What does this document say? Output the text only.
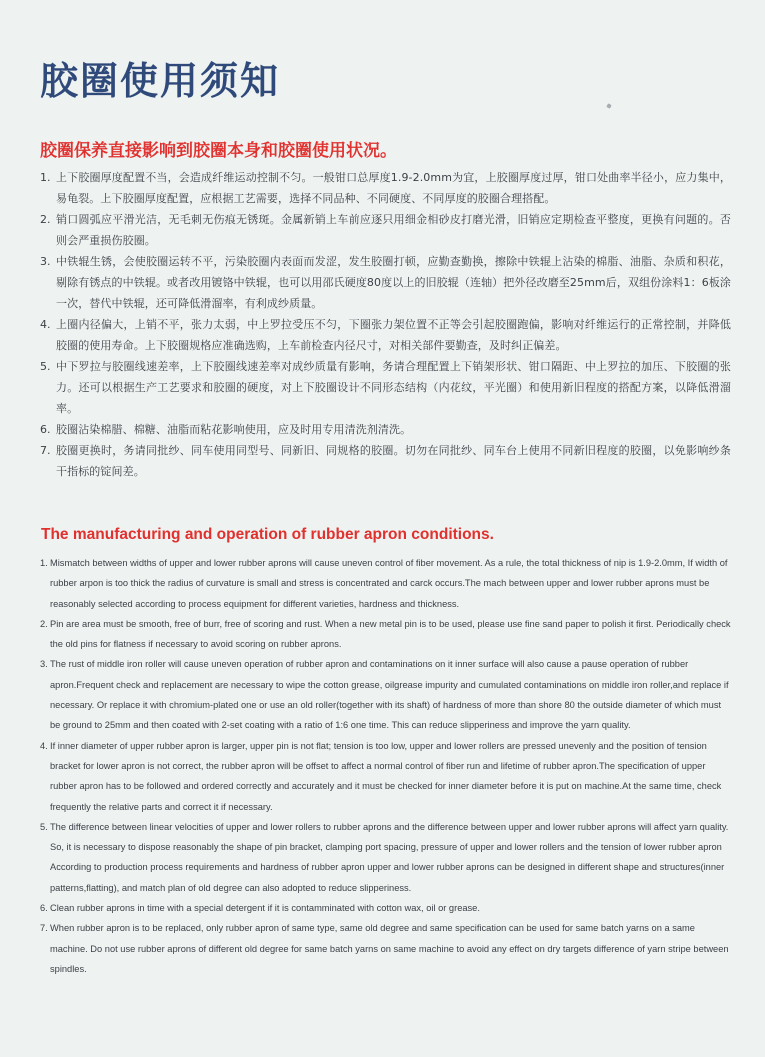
胶圈使用须知
胶圈保养直接影响到胶圈本身和胶圈使用状况。
1. 上下胶圈厚度配置不当，会造成纤维运动控制不匀。一般钳口总厚度1.9-2.0mm为宜，上胶圈厚度过厚，钳口处曲率半径小，应力集中，易龟裂。上下胶圈厚度配置，应根据工艺需要，选择不同品种、不同硬度、不同厚度的胶圈合理搭配。
2. 销口圆弧应平滑光洁，无毛刺无伤痕无锈斑。金属新销上车前应逐只用细金相砂皮打磨光滑，旧销应定期检查平整度，更换有问题的。否则会严重损伤胶圈。
3. 中铁辊生锈，会使胶圈运转不平，污染胶圈内表面而发涩，发生胶圈打顿，应勤查勤换，擦除中铁辊上沾染的棉脂、油脂、杂质和积花，剔除有锈点的中铁辊。或者改用镀铬中铁辊，也可以用邵氏硬度80度以上的旧胶辊（连轴）把外径改磨至25mm后，双组份涂料1：6板涂一次，替代中铁辊，还可降低滑溜率，有利成纱质量。
4. 上圈内径偏大，上销不平，张力太弱，中上罗拉受压不匀，下圈张力架位置不正等会引起胶圈跑偏，影响对纤维运行的正常控制，并降低胶圈的使用寿命。上下胶圈规格应准确选购，上车前检查内径尺寸，对相关部件要勤查，及时纠正偏差。
5. 中下罗拉与胶圈线速差率，上下胶圈线速差率对成纱质量有影响，务请合理配置上下销架形状、钳口隔距、中上罗拉的加压、下胶圈的张力。还可以根据生产工艺要求和胶圈的硬度，对上下胶圈设计不同形态结构（内花纹，平光圈）和使用新旧程度的搭配方案，以降低滑溜率。
6. 胶圈沾染棉腊、棉糖、油脂而粘花影响使用，应及时用专用清洗剂清洗。
7. 胶圈更换时，务请同批纱、同车使用同型号、同新旧、同规格的胶圈。切勿在同批纱、同车台上使用不同新旧程度的胶圈，以免影响纱条干指标的锭间差。
The manufacturing and operation of rubber apron conditions.
1. Mismatch between widths of upper and lower rubber aprons will cause uneven control of fiber movement. As a rule, the total thickness of nip is 1.9-2.0mm, If width of rubber arpon is too thick the radius of curvature is small and stress is concentrated and carck occurs.The mach between upper and lower rubber aprons must be reasonably selected according to process equipment for different varieties, hardness and thickness.
2. Pin are area must be smooth, free of burr, free of scoring and rust. When a new metal pin is to be used, please use fine sand paper to polish it first. Periodically check the old pins for flatness if necessary to avoid scoring on rubber aprons.
3. The rust of middle iron roller will cause uneven operation of rubber apron and contaminations on it inner surface will also cause a pause operation of rubber apron.Frequent check and replacement are necessary to wipe the cotton grease, oilgrease impurity and cumulated contaminations on middle iron roller,and replace if necessary. Or replace it with chromium-plated one or use an old roller(together with its shaft) of hardness of more than shore 80 the outside diameter of which must be ground to 25mm and then coated with 2-set coating with a ratio of 1:6 one time. This can reduce slipperiness and improve the yarn quality.
4. If inner diameter of upper rubber apron is larger, upper pin is not flat; tension is too low, upper and lower rollers are pressed unevenly and the position of tension bracket for lower apron is not correct, the rubber apron will be offset to affect a normal control of fiber run and lifetime of rubber apron.The specification of upper rubber apron has to be followed and ordered correctly and accurately and it must be checked for inner diameter before it is put on machine.At the same time, check frequently the relative parts and correct it if necessary.
5. The difference between linear velocities of upper and lower rollers to rubber aprons and the difference between upper and lower rubber aprons will affect yarn quality. So, it is necessary to dispose reasonably the shape of pin bracket, clamping port spacing, pressure of upper and lower rollers and the tension of lower rubber apron According to production process requirements and hardness of rubber apron upper and lower rubber aprons can be designed in different shape and structures(inner patterns,flatting), and match plan of old degree can also adopted to reduce slipperiness.
6. Clean rubber aprons in time with a special detergent if it is contamminated with cotton wax, oil or grease.
7. When rubber apron is to be replaced, only rubber apron of same type, same old degree and same specification can be used for same batch yarns on a same machine. Do not use rubber aprons of different old degree for same batch yarns on same machine to avoid any effect on dry targets difference of yarn stripe between spindles.
